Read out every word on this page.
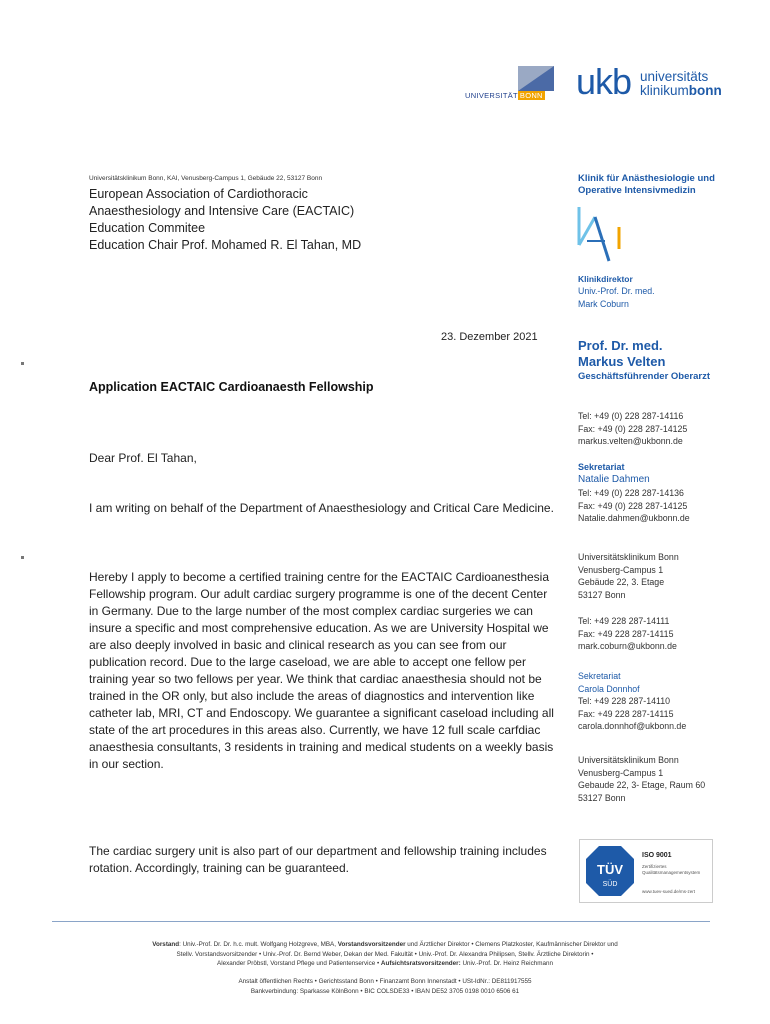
UNIVERSITÄT BONN ukb universitäts
klinikumbonn
Universitätsklinikum Bonn, KAI, Venusberg-Campus 1, Gebäude 22, 53127 Bonn
European Association of Cardiothoracic
Anaesthesiology and Intensive Care (EACTAIC)
Education Commitee
Education Chair Prof. Mohamed R. El Tahan, MD
23. Dezember 2021
Application EACTAIC Cardioanaesth Fellowship
Dear Prof. El Tahan,
I am writing on behalf of the Department of Anaesthesiology and Critical Care Medicine.
Hereby I apply to become a certified training centre for the EACTAIC Cardioanesthesia Fellowship program. Our adult cardiac surgery programme is one of the decent Center in Germany. Due to the large number of the most complex cardiac surgeries we can insure a specific and most comprehensive education. As we are University Hospital we are also deeply involved in basic and clinical research as you can see from our publication record. Due to the large caseload, we are able to accept one fellow per training year so two fellows per year. We think that cardiac anaesthesia should not be trained in the OR only, but also include the areas of diagnostics and intervention like catheter lab, MRI, CT and Endoscopy. We guarantee a significant caseload including all state of the art procedures in this areas also. Currently, we have 12 full scale carfdiac anaesthesia consultants, 3 residents in training and medical students on a weekly basis in our section.
The cardiac surgery unit is also part of our department and fellowship training includes rotation. Accordingly, training can be guaranteed.
Klinik für Anästhesiologie und
Operative Intensivmedizin
Klinikdirektor
Univ.-Prof. Dr. med.
Mark Coburn
Prof. Dr. med.
Markus Velten
Geschäftsführender Oberarzt
Tel: +49 (0) 228 287-14116
Fax: +49 (0) 228 287-14125
markus.velten@ukbonn.de
Sekretariat
Natalie Dahmen
Tel: +49 (0) 228 287-14136
Fax: +49 (0) 228 287-14125
Natalie.dahmen@ukbonn.de
Universitätsklinikum Bonn
Venusberg-Campus 1
Gebäude 22, 3. Etage
53127 Bonn
Tel: +49 228 287-14111
Fax: +49 228 287-14115
mark.coburn@ukbonn.de
Sekretariat
Carola Donnhof
Tel: +49 228 287-14110
Fax: +49 228 287-14115
carola.donnhof@ukbonn.de
Universitätsklinikum Bonn
Venusberg-Campus 1
Gebaude 22, 3- Etage, Raum 60
53127 Bonn
TÜV
SÜD
ISO 9001
Zertifiziertes
Qualitätsmanagementsystem
www.tuev-sued.de/ms-zert
Vorstand: Univ.-Prof. Dr. Dr. h.c. mult. Wolfgang Holzgreve, MBA, Vorstandsvorsitzender und Ärztlicher Direktor • Clemens Platzkoster, Kaufmännischer Direktor und
Stellv. Vorstandsvorsitzender • Univ.-Prof. Dr. Bernd Weber, Dekan der Med. Fakultät • Univ.-Prof. Dr. Alexandra Philipsen, Stellv. Ärztliche Direktorin •
Alexander Pröbstl, Vorstand Pflege und Patientenservice • Aufsichtsratsvorsitzender: Univ.-Prof. Dr. Heinz Reichmann
Anstalt öffentlichen Rechts • Gerichtsstand Bonn • Finanzamt Bonn Innenstadt • USt-IdNr.: DE811917555
Bankverbindung: Sparkasse KölnBonn • BIC COLSDE33 • IBAN DE52 3705 0198 0010 6506 61
